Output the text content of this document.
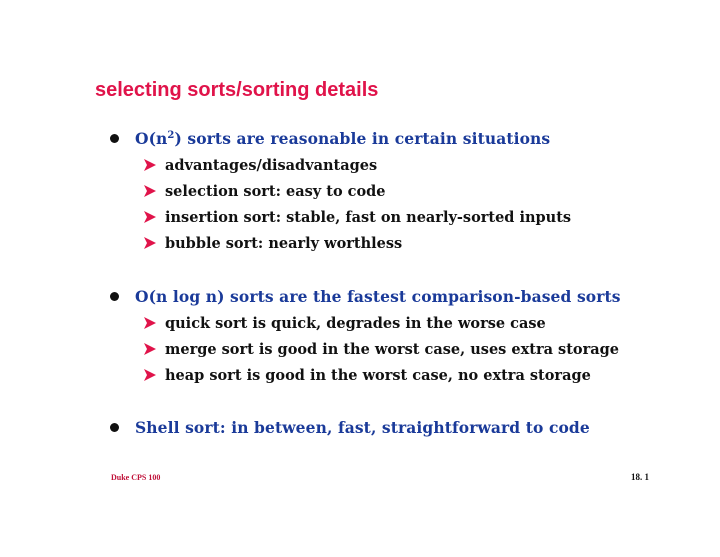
selecting sorts/sorting details
$O(n^2)$ sorts are reasonable in certain situations
advantages/disadvantages
selection sort: easy to code
insertion sort: stable, fast on nearly-sorted inputs
bubble sort: nearly worthless
O(n log n) sorts are the fastest comparison-based sorts
quick sort is quick, degrades in the worse case
merge sort is good in the worst case, uses extra storage
heap sort is good in the worst case, no extra storage
Shell sort: in between, fast, straightforward to code
Duke CPS 100	18. 1
